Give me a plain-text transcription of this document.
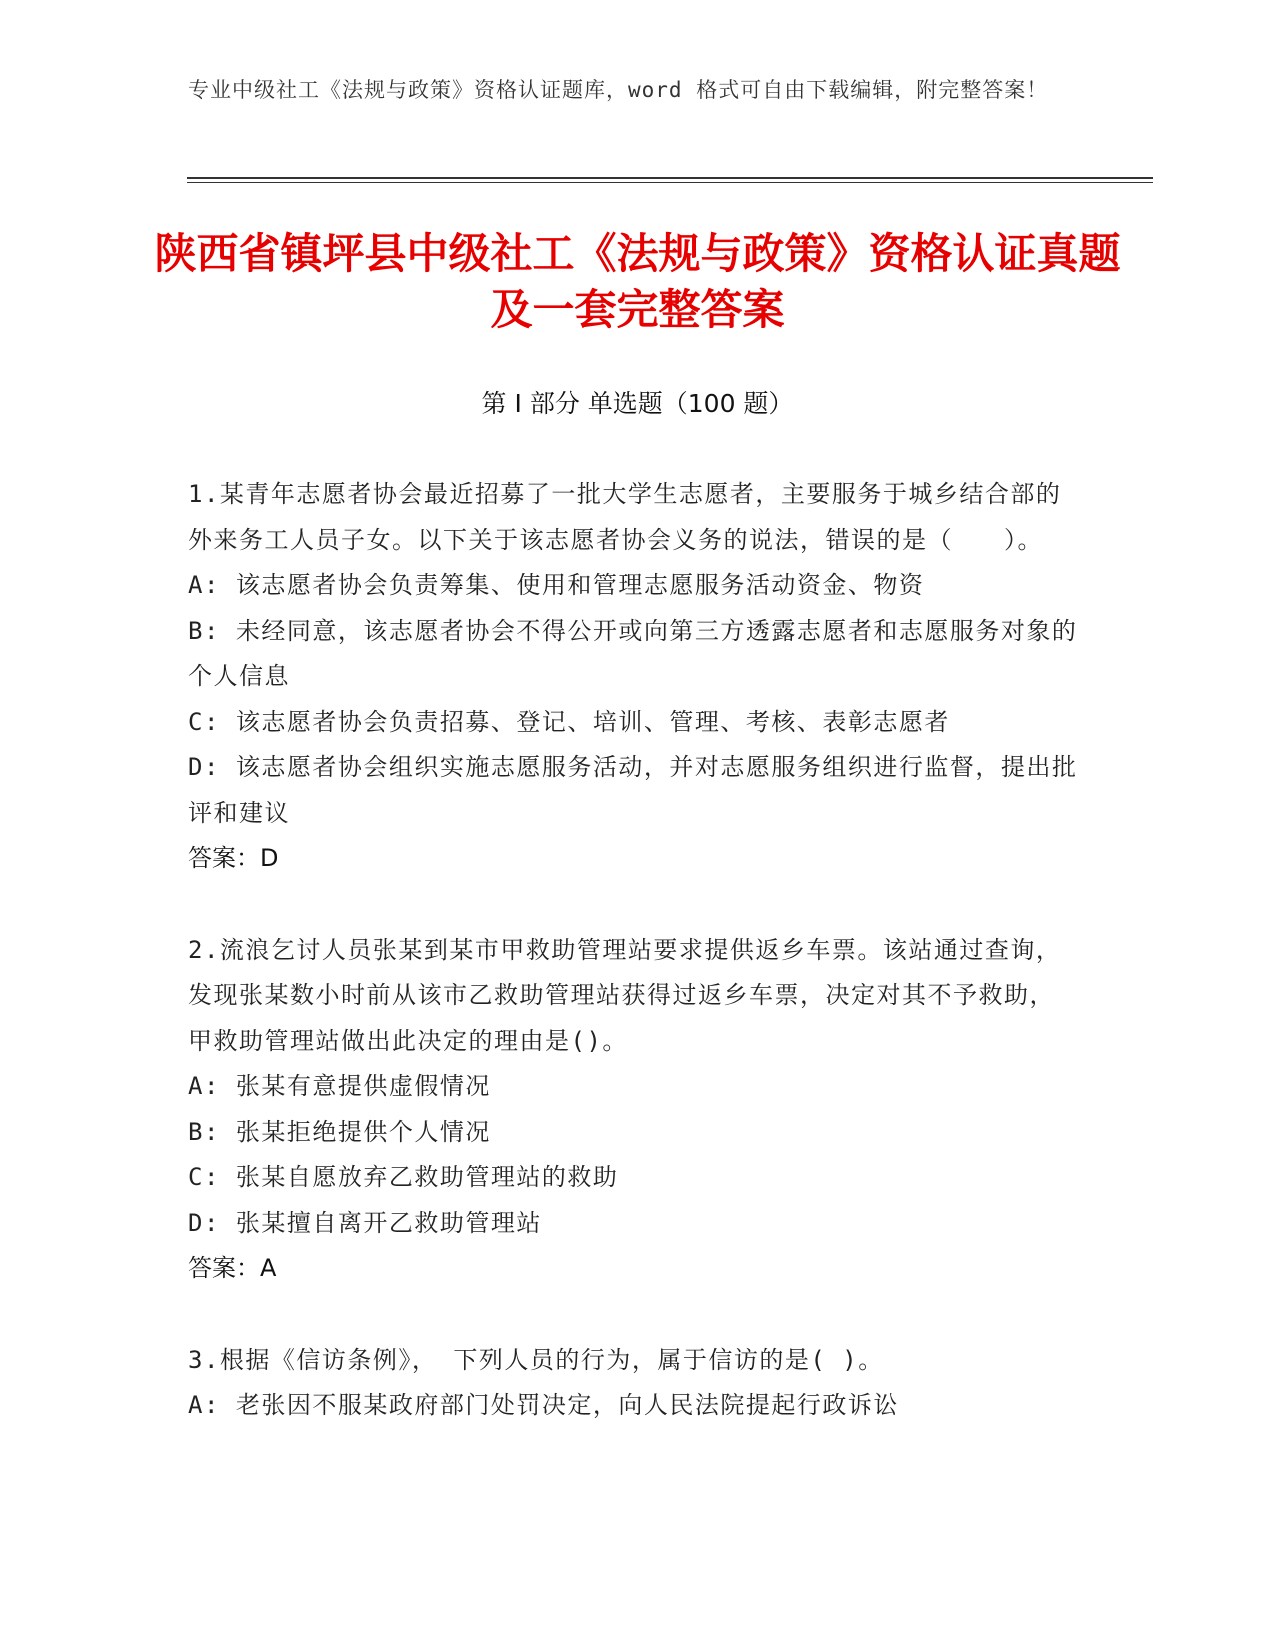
专业中级社工《法规与政策》资格认证题库，word 格式可自由下载编辑，附完整答案！
陕西省镇坪县中级社工《法规与政策》资格认证真题及一套完整答案
第 I 部分 单选题（100 题）
1.某青年志愿者协会最近招募了一批大学生志愿者，主要服务于城乡结合部的外来务工人员子女。以下关于该志愿者协会义务的说法，错误的是（　　）。
A: 该志愿者协会负责筹集、使用和管理志愿服务活动资金、物资
B: 未经同意，该志愿者协会不得公开或向第三方透露志愿者和志愿服务对象的个人信息
C: 该志愿者协会负责招募、登记、培训、管理、考核、表彰志愿者
D: 该志愿者协会组织实施志愿服务活动，并对志愿服务组织进行监督，提出批评和建议
答案：D
2.流浪乞讨人员张某到某市甲救助管理站要求提供返乡车票。该站通过查询，发现张某数小时前从该市乙救助管理站获得过返乡车票，决定对其不予救助，甲救助管理站做出此决定的理由是()。
A: 张某有意提供虚假情况
B: 张某拒绝提供个人情况
C: 张某自愿放弃乙救助管理站的救助
D: 张某擅自离开乙救助管理站
答案：A
3.根据《信访条例》， 下列人员的行为，属于信访的是( )。
A: 老张因不服某政府部门处罚决定，向人民法院提起行政诉讼
